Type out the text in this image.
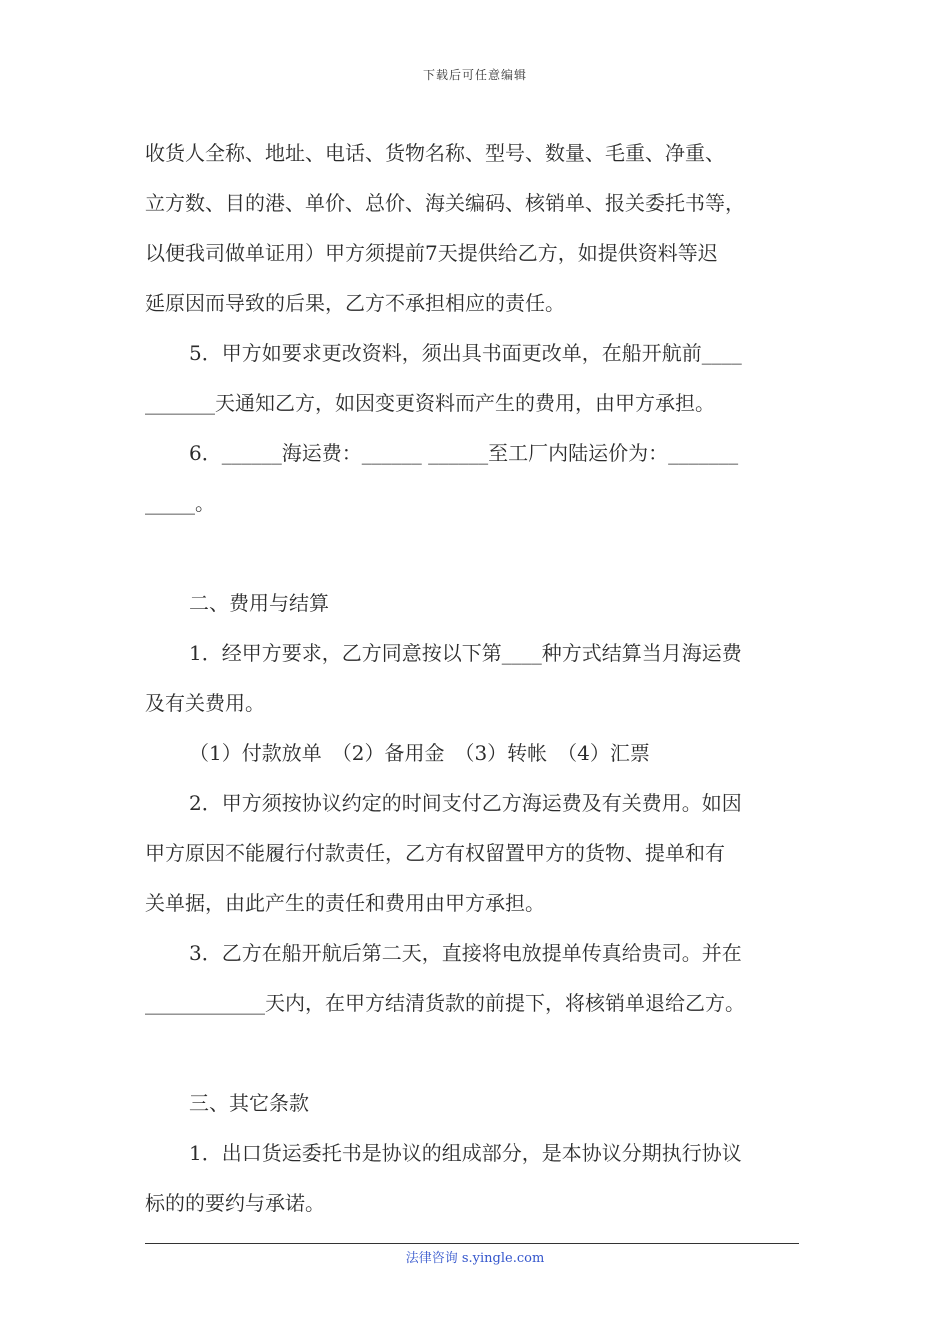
下载后可任意编辑

收货人全称、地址、电话、货物名称、型号、数量、毛重、净重、

立方数、目的港、单价、总价、海关编码、核销单、报关委托书等，

以便我司做单证用）甲方须提前7天提供给乙方，如提供资料等迟

延原因而导致的后果，乙方不承担相应的责任。

5．甲方如要求更改资料，须出具书面更改单，在船开航前____

_______天通知乙方，如因变更资料而产生的费用，由甲方承担。

6．______海运费：______ ______至工厂内陆运价为：_______

_____。

二、费用与结算

1．经甲方要求，乙方同意按以下第____种方式结算当月海运费

及有关费用。

（1）付款放单　（2）备用金　（3）转帐　（4）汇票

2．甲方须按协议约定的时间支付乙方海运费及有关费用。如因

甲方原因不能履行付款责任，乙方有权留置甲方的货物、提单和有

关单据，由此产生的责任和费用由甲方承担。

3．乙方在船开航后第二天，直接将电放提单传真给贵司。并在

____________天内，在甲方结清货款的前提下，将核销单退给乙方。

三、其它条款

1．出口货运委托书是协议的组成部分，是本协议分期执行协议

标的的要约与承诺。

法律咨询 s.yingle.com
